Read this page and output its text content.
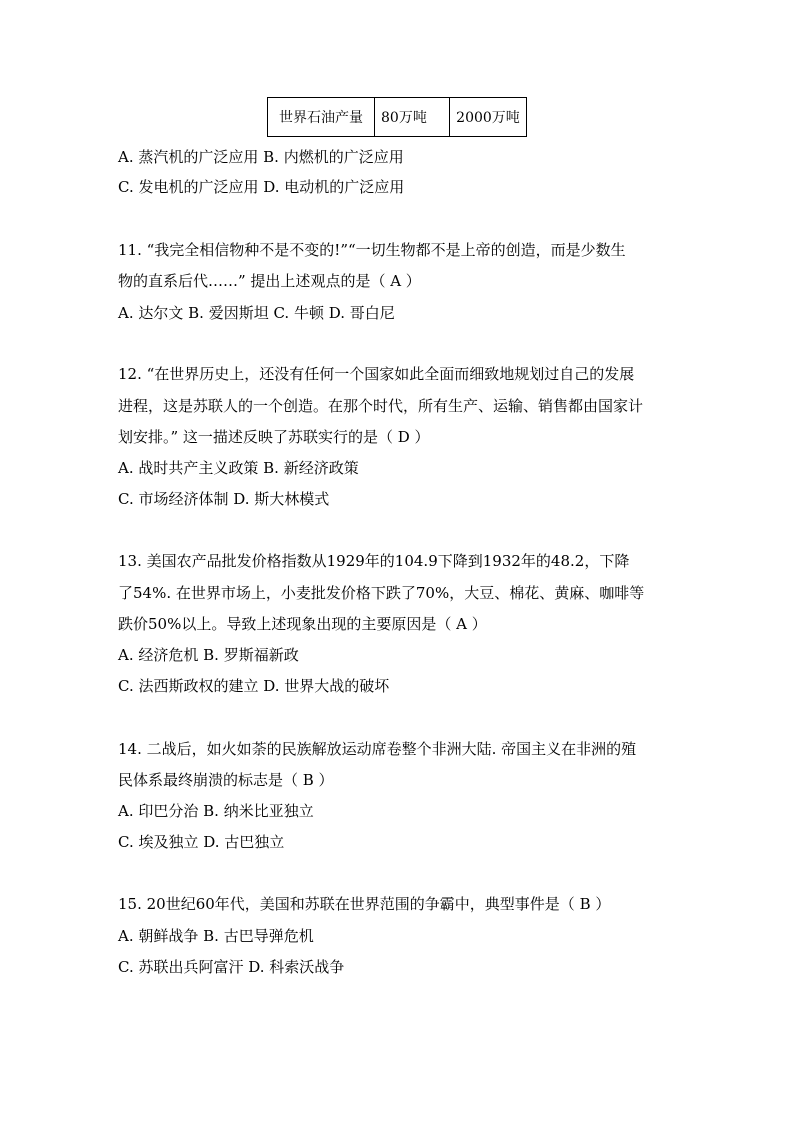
世界石油产量	80万吨	2000万吨

A. 蒸汽机的广泛应用 B. 内燃机的广泛应用
C. 发电机的广泛应用 D. 电动机的广泛应用
11. “我完全相信物种不是不变的!”“一切生物都不是上帝的创造，而是少数生
物的直系后代……” 提出上述观点的是（ A ）
A. 达尔文 B. 爱因斯坦 C. 牛顿 D. 哥白尼
12. “在世界历史上，还没有任何一个国家如此全面而细致地规划过自己的发展
进程，这是苏联人的一个创造。在那个时代，所有生产、运输、销售都由国家计
划安排。” 这一描述反映了苏联实行的是（ D ）
A. 战时共产主义政策 B. 新经济政策
C. 市场经济体制 D. 斯大林模式
13. 美国农产品批发价格指数从1929年的104.9下降到1932年的48.2，下降
了54%. 在世界市场上，小麦批发价格下跌了70%，大豆、棉花、黄麻、咖啡等
跌价50%以上。导致上述现象出现的主要原因是（ A ）
A. 经济危机 B. 罗斯福新政
C. 法西斯政权的建立 D. 世界大战的破坏
14. 二战后，如火如荼的民族解放运动席卷整个非洲大陆. 帝国主义在非洲的殖
民体系最终崩溃的标志是（ B ）
A. 印巴分治 B. 纳米比亚独立
C. 埃及独立 D. 古巴独立
15. 20世纪60年代，美国和苏联在世界范围的争霸中，典型事件是（ B ）
A. 朝鲜战争 B. 古巴导弹危机
C. 苏联出兵阿富汗 D. 科索沃战争
